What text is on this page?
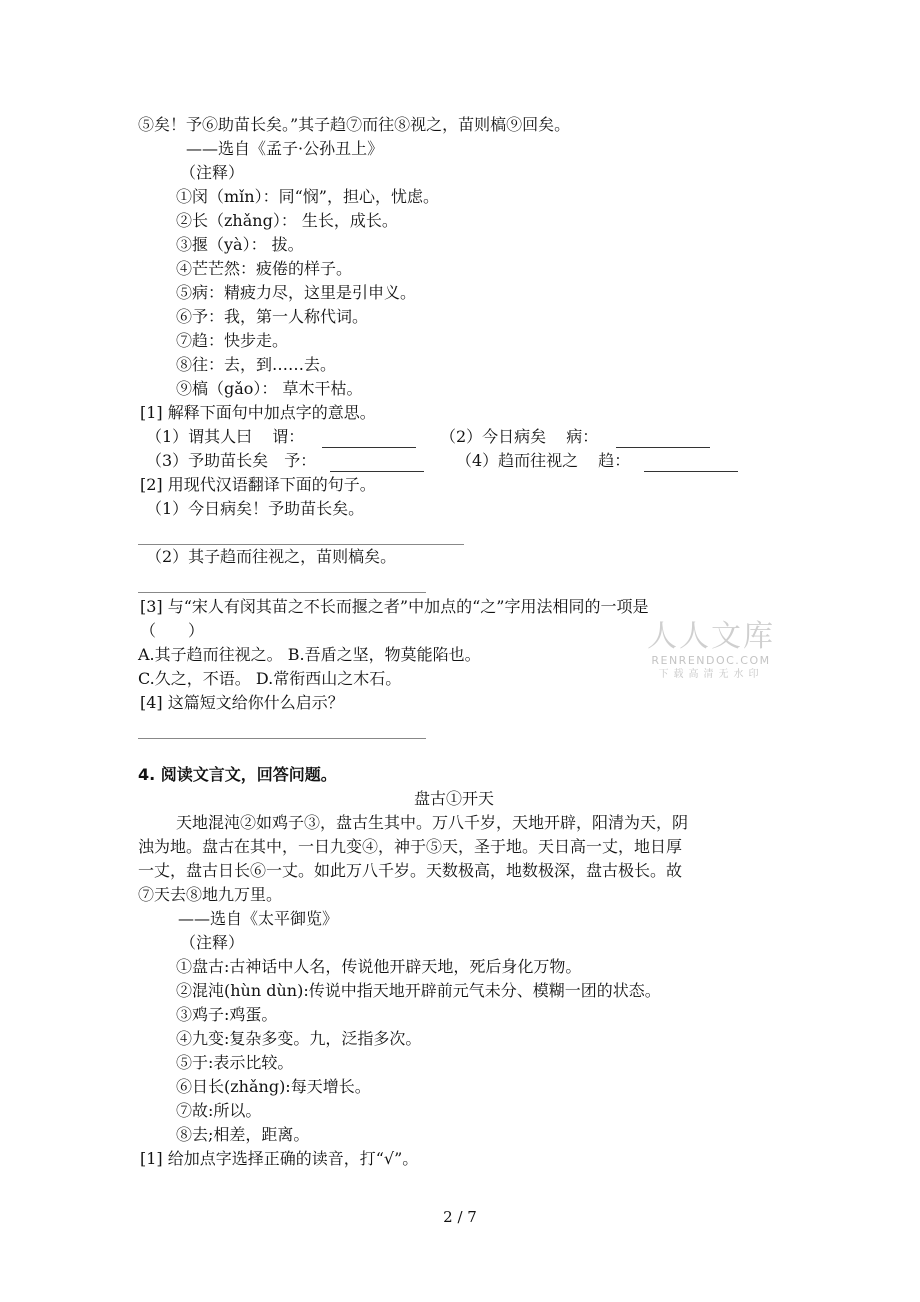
⑤矣！予⑥助苗长矣。”其子趋⑦而往⑧视之，苗则槁⑨回矣。

——选自《孟子·公孙丑上》

（注释）

①闵（mǐn）：同“悯”，担心，忧虑。

②长（zhǎng）： 生长，成长。

③揠（yà）： 拔。

④芒芒然：疲倦的样子。

⑤病：精疲力尽，这里是引申义。

⑥予：我，第一人称代词。

⑦趋：快步走。

⑧往：去，到……去。

⑨槁（gǎo）： 草木干枯。

[1] 解释下面句中加点字的意思。

（1）谓其人曰 谓：	（2）今日病矣 病：

（3）予助苗长矣 予：	（4）趋而往视之 趋：

[2] 用现代汉语翻译下面的句子。

（1）今日病矣！予助苗长矣。

（2）其子趋而往视之，苗则槁矣。

[3] 与“宋人有闵其苗之不长而揠之者”中加点的“之”字用法相同的一项是

（　　）

A.其子趋而往视之。 B.吾盾之坚，物莫能陷也。

C.久之，不语。 D.常衔西山之木石。

[4] 这篇短文给你什么启示？

4. 阅读文言文，回答问题。

盘古①开天

天地混沌②如鸡子③，盘古生其中。万八千岁，天地开辟，阳清为天，阴

浊为地。盘古在其中，一日九变④，神于⑤天，圣于地。天日高一丈，地日厚

一丈，盘古日长⑥一丈。如此万八千岁。天数极高，地数极深，盘古极长。故

⑦天去⑧地九万里。

——选自《太平御览》

（注释）

①盘古:古神话中人名，传说他开辟天地，死后身化万物。

②混沌(hùn dùn):传说中指天地开辟前元气未分、模糊一团的状态。

③鸡子:鸡蛋。

④九变:复杂多变。九，泛指多次。

⑤于:表示比较。

⑥日长(zhǎng):每天增长。

⑦故:所以。

⑧去;相差，距离。

[1] 给加点字选择正确的读音，打“√”。

人人文库
RENRENDOC.COM
下载高清无水印
2 / 7
